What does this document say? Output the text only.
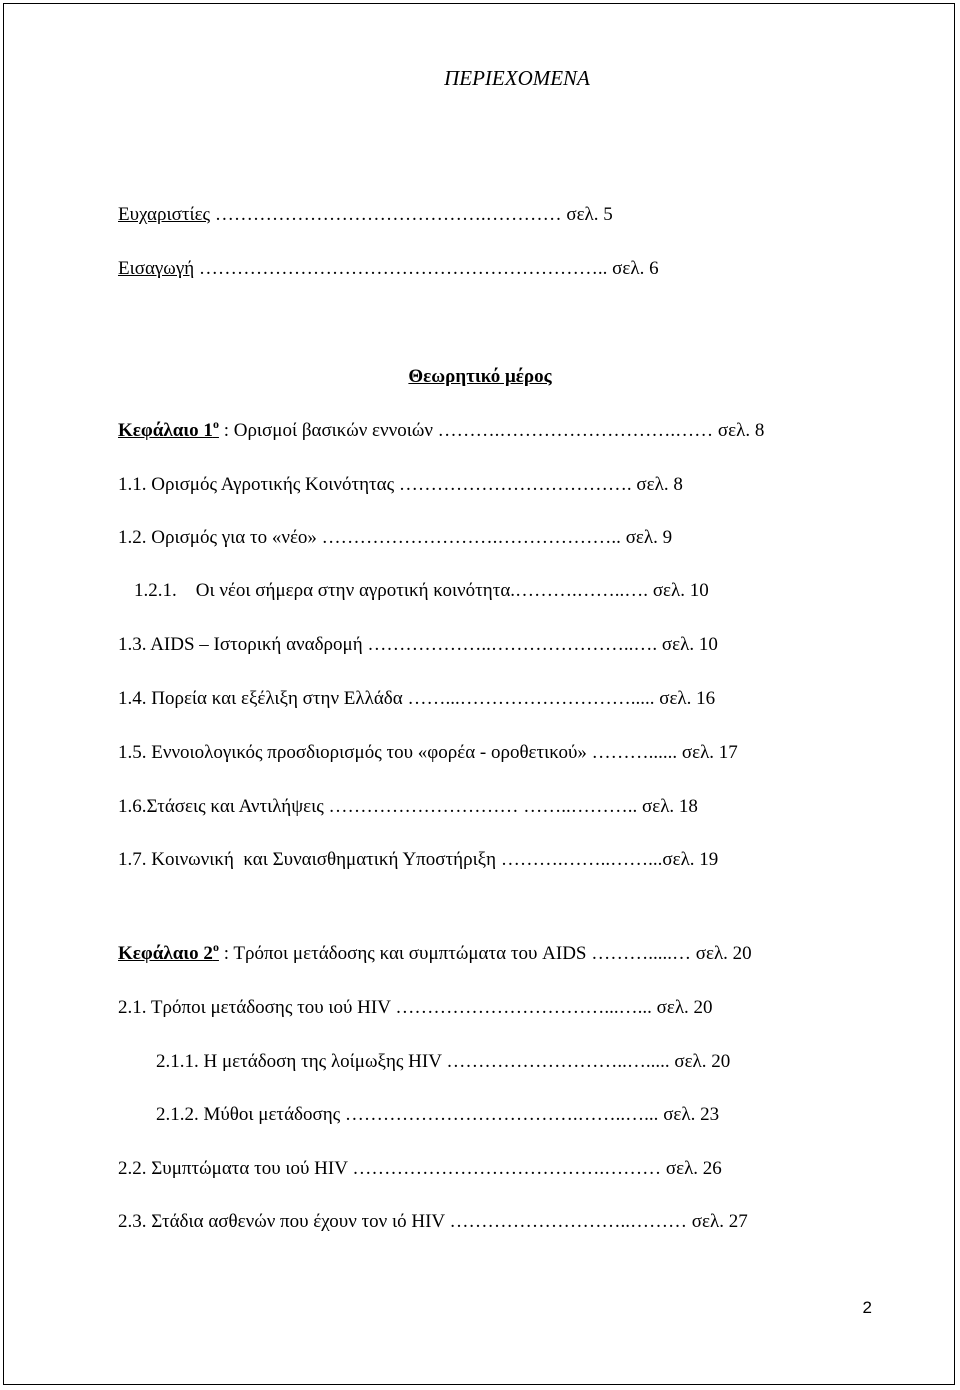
ΠΕΡΙΕΧΟΜΕΝΑ
Ευχαριστίες …………………………………….………… σελ. 5
Εισαγωγή ……………………………………………………….. σελ. 6
Θεωρητικό μέρος
Κεφάλαιο $1^o$ : Ορισμοί βασικών εννοιών ……….……………………….…… σελ. 8
1.1. Ορισμός Αγροτικής Κοινότητας ………………………………. σελ. 8
1.2. Ορισμός για το «νέο» ……………………….……………….. σελ. 9
1.2.1.    Οι νέοι σήμερα στην αγροτική κοινότητα.……….……..…. σελ. 10
1.3. AIDS – Ιστορική αναδρομή ………………..…………………..…. σελ. 10
1.4. Πορεία και εξέλιξη στην Ελλάδα ……...………………………..... σελ. 16
1.5. Εννοιολογικός προσδιορισμός του «φορέα - οροθετικού» ………...... σελ. 17
1.6.Στάσεις και Αντιλήψεις ………………………… ……..……….. σελ. 18
1.7. Κοινωνική  και Συναισθηματική Υποστήριξη ……….……..……...σελ. 19
Κεφάλαιο $2^o$ : Τρόποι μετάδοσης και συμπτώματα του AIDS ……….....… σελ. 20
2.1. Τρόποι μετάδοσης του ιού HIV ……………………………...…... σελ. 20
2.1.1. Η μετάδοση της λοίμωξης HIV ………………………..…..... σελ. 20
2.1.2. Μύθοι μετάδοσης ……………………………….……..…... σελ. 23
2.2. Συμπτώματα του ιού HIV ………………………………….……… σελ. 26
2.3. Στάδια ασθενών που έχουν τον ιό HIV ………………………..……… σελ. 27
2
